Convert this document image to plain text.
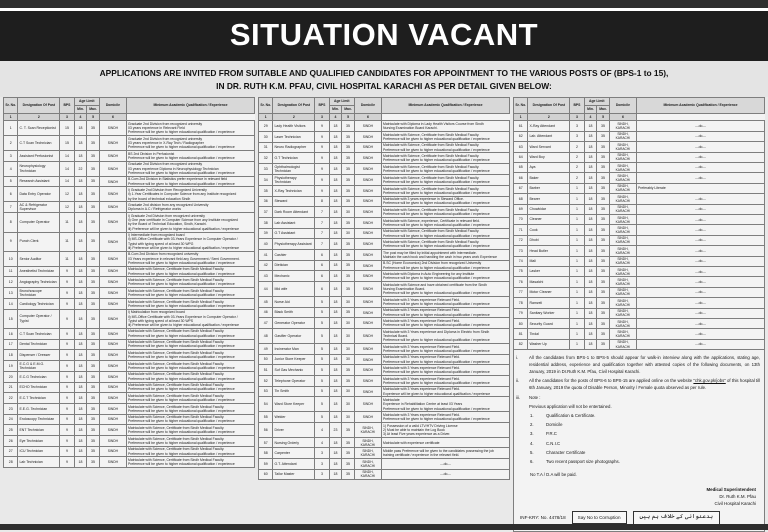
SITUATION VACANT
APPLICATIONS ARE INVITED FROM SUITABLE AND QUALIFIED CANDIDATES FOR APPOINTMENT TO THE VARIOUS POSTS OF (BPS-1 to 15),
IN DR. RUTH K.M. PFAU, CIVIL HOSPITAL KARACHI AS PER DETAIL GIVEN BELOW:
Sr. No.	Designation Of Post	BPS	Age Limit		Domicile	Minimum Academic Qualification / Experience
			Min.	Max.		
1	2	3	4	5	6	
1	C. T. Scan Receptionist	15	18	35	SINDH	Graduate 2nd Division from recognized university
03 years experience in Relevant Field
Preference will be given to higher educational qualification / experience

2	C.T Scan Technician	15	18	35	SINDH	Graduate 2nd Division from recognized university
03 years experience in X-Ray Tech / Radiographer
Preference will be given to higher educational qualification / experience

3	Assistant Perfusionist	14	18	35	SINDH	BS 2nd Division in Perfusionist
Preference will be given to higher educational qualification / experience

4	Neurophysiology Technician	14	22	35	SINDH	Graduate 2nd Division from recognized university
03 years experience Diploma in Neurophysiology Technician
Preference will be given to higher educational qualification / experience

5	Research Assistant	14	18	35	SINDH	B.Com 2nd Division in Statistics prefer experience in relevant field
Preference will be given to higher educational qualification / experience

6	Data Entry Operator	12	18	35	SINDH	i) Graduate 2nd Division from Recognized University
ii) 1-Year Certificates in Computer Science from any Institute recognized
by the board of technical education Sindh

7	AC & Refrigerator Supervisor	12	18	35	SINDH	Graduate 2nd division from any recognized University
Diploma in A.C / Refrigerator works

8	Computer Operator	11	18	35	SINDH	i) Graduate 2nd Division from recognized university
ii) One year certificate in Computer Science from any Institute recognized
by the Board of Technical Education, Sindh, Karachi.
iii) Preference will be given to higher educational qualification / experience

9	Punch Clerk	11	18	35	SINDH	i) Intermediate from recognized board
ii) MS-Office Certificate with 03-Years Experience in Computer Operator /
Typist with typing speed of at least 30 WPG
iii) Preference will be given to higher educational qualification / experience

10	Senior Auditor	11	18	35	SINDH	B.Com 2nd Division from recognized university
03 Years experience in relevant field any Government / Semi Government.
Preference will be given to higher educational qualification / experience

11	Anesthetist Technician	9	18	35	SINDH	Matriculate with Science, Certificate from Sindh Medical Faculty.
Preference will be given to higher educational qualification / experience

12	Angiography Technician	9	18	35	SINDH	Matriculate with Science, Certificate from Sindh Medical Faculty.
Preference will be given to higher educational qualification / experience

13	Bronchoscope Technician	9	18	35	SINDH	Matriculate with Science, Certificate from Sindh Medical Faculty.
Preference will be given to higher educational qualification / experience

14	Cardiology Technician	9	18	35	SINDH	Matriculate with Science, Certificate from Sindh Medical Faculty.
Preference will be given to higher educational qualification / experience

15	Computer Operator / Typist	9	18	35	SINDH	i) Matriculation from recognized board
ii) MS-Office Certificate with 03-Years Experience in Computer Operator /
Typist with typing speed of at least 30 WPS
iii) Preference will be given to higher educational qualification / experience

16	C.T Scan Technician	9	18	35	SINDH	Matriculate with Science, Certificate from Sindh Medical Faculty.
Preference will be given to higher educational qualification / experience

17	Dental Technician	9	18	35	SINDH	Matriculate with Science, Certificate from Sindh Medical Faculty.
Preference will be given to higher educational qualification / experience

18	Dispenser / Dresser	9	18	35	SINDH	Matriculate with Science, Certificate from Sindh Medical Faculty.
Preference will be given to higher educational qualification / experience

19	E.C.G & E.M.G. Technician	9	18	35	SINDH	Matriculate with Science, Certificate from Sindh Medical Faculty.
Preference will be given to higher educational qualification / experience

20	E.C.G Technician	9	18	35	SINDH	Matriculate with Science, Certificate from Sindh Medical Faculty.
Preference will be given to higher educational qualification / experience

21	ECHO Technician	9	18	35	SINDH	Matriculate with Science, Certificate from Sindh Medical Faculty.
Preference will be given to higher educational qualification / experience

22	E.C.T Technician	9	18	35	SINDH	Matriculate with Science, Certificate from Sindh Medical Faculty.
Preference will be given to higher educational qualification / experience

23	E.E.G. Technician	9	18	35	SINDH	Matriculate with Science, Certificate from Sindh Medical Faculty.
Preference will be given to higher educational qualification / experience

24	Endoscopy Technician	9	18	35	SINDH	Matriculate with Science, Certificate from Sindh Medical Faculty.
Preference will be given to higher educational qualification / experience

25	ENT Technician	9	18	35	SINDH	Matriculate with Science, Certificate from Sindh Medical Faculty.
Preference will be given to higher educational qualification / experience

26	Eye Technician	9	18	35	SINDH	Matriculate with Science, Certificate from Sindh Medical Faculty.
Preference will be given to higher educational qualification / experience

27	ICU Technician	9	18	35	SINDH	Matriculate with Science, Certificate from Sindh Medical Faculty.
Preference will be given to higher educational qualification / experience

28	Lab Technician	9	18	35	SINDH	Matriculate with Science, Certificate from Sindh Medical Faculty.
Preference will be given to higher educational qualification / experience
Sr. No.	Designation Of Post	BPS	Age Limit		Domicile	Minimum Academic Qualification / Experience
			Min.	Max.		
1	2	3	4	5	6	
29	Lady Health Visitors	9	18	35	SINDH	Matriculate with Diploma in Lady Health Visitors Course from Sindh
Nursing Examination Board Karachi.

30	Laser Technician	9	18	35	SINDH	Matriculate with Science, Certificate from Sindh Medical Faculty.
Preference will be given to higher educational qualification / experience

31	Neuro Radiographer	9	18	35	SINDH	Matriculate with Science, Certificate from Sindh Medical Faculty.
Preference will be given to higher educational qualification / experience

32	O.T Technician	9	18	35	SINDH	Matriculate with Science, Certificate from Sindh Medical Faculty.
Preference will be given to higher educational qualification / experience

33	Ophthalmologist Technician	9	18	35	SINDH	Matriculate with Science, Certificate from Sindh Medical Faculty.
Preference will be given to higher educational qualification / experience

34	Physiotherapy Technician	9	18	35	SINDH	Matriculate with Science, Certificate from Sindh Medical Faculty.
Preference will be given to higher educational qualification / experience

35	X-Ray Technician	9	18	35	SINDH	Matriculate with Science, Certificate from Sindh Medical Faculty.
Preference will be given to higher educational qualification / experience

36	Steward	8	18	35	SINDH	Matriculate with 3 years experience in Steward Office.
Preference will be given to higher educational qualification / experience

37	Dark Room Attendant	7	18	30	SINDH	Matriculate with Science, Certificate from Sindh Medical Faculty.
Preference will be given to higher educational qualification / experience

38	Lab Assistant	7	18	35	SINDH	Matriculate with Science, experience, Certificate in relevant field.
Preference will be given to higher educational qualification / experience

39	O.T Assistant	7	18	30	SINDH	Matriculate with Science, Certificate from Sindh Medical Faculty.
Preference will be given to higher educational qualification / experience

40	Physiotherapy Assistant	7	18	35	SINDH	Matriculate with Science, Certificate from Sindh Medical Faculty.
Preference will be given to higher educational qualification / experience

41	Cashier	6	18	35	SINDH	The post may be filled by initial appointment with Intermediate.
Maintain the cash book and handling the cash in two years work Experience

42	Dietician	6	18	35	SINDH	B.SC (Home Economics) 2nd Division from recognized University
Preference will be given to higher educational qualification / experience

43	Mechanic	6	18	35	SINDH	Matriculate with Diploma in Auto Engineering for any institute
Preference will be given to higher educational qualification / experience

44	Mid wife	6	18	35	SINDH	Matriculate with Science and have obtained certificate from the Sindh
Nursing Examination Board.
Preference will be given to higher educational qualification / experience

45	Nurse Aid	5	18	30	SINDH	Matriculate with 3 Years experience Relevant Field.
Preference will be given to higher educational qualification / experience

46	Black Smith	5	18	35	SINDH	Matriculate with 3 Years experience Relevant Field.
Preference will be given to higher educational qualification / experience

47	Generator Operator	5	18	30	SINDH	Matriculate with 3 Years experience Relevant Field.
Preference will be given to higher educational qualification / experience

48	Gasifier Operator	5	18	30	SINDH	Matriculate with 3 Years experience and Diploma in Electric from Sindh
Technical Board.
Preference will be given to higher educational qualification / experience

49	Incinerator Man	5	18	30	SINDH	Matriculate with 3 Years experience Relevant Field.
Preference will be given to higher educational qualification / experience

50	Junior Store Keeper	5	18	30	SINDH	Matriculate with 3 Years experience Relevant Field.
Preference will be given to higher educational qualification / experience

51	Suf Gas Mechanic	5	18	35	SINDH	Matriculate with 3 Years experience Relevant Field.
Preference will be given to higher educational qualification / experience

52	Telephone Operator	5	18	35	SINDH	Matriculate with 3 Years experience Relevant Field.
Preference will be given to higher educational qualification / experience

53	Tin Smith	5	18	30	SINDH	Matriculate with 3 Years experience Relevant Field.
Experience will be given to higher educational qualification / experience

54	Ward Store Keeper	5	18	30	SINDH	Matriculate
Experience in Rehabilitation Centre at least 03 Years
Preference will be given to higher educational qualification / experience

55	Welder	5	18	30	SINDH	Matriculate with 3 Years experience Relevant Field.
Preference will be given to higher educational qualification / experience

56	Driver	4	23	35	SINDH, KARACHI	1) Possession of a valid LTV/HTV Driving License
2) Must be able to maintain the Log Book
3) At least Five years experience as a Driver.

57	Nursing Orderly	4	18	35	SINDH, KARACHI	Matriculate with experience certificate

58	Carpenter	3	18	35	SINDH, KARACHI	Middle pass Preference will be given to the candidates possessing the job
training certificate / experience in the relevant field.

59	O.T. Attendant	3	18	35	SINDH, KARACHI	---do---

60	Tailor Master	3	18	35	SINDH, KARACHI	---do---
Sr. No.	Designation Of Post	BPS	Age Limit		Domicile	Minimum Academic Qualification / Experience
			Min.	Max.		
1	2	3	4	5	6	
61	X-Ray Attendant	3	18	35	SINDH, KARACHI	---do---

62	Lab. Attendant	3	18	35	SINDH, KARACHI	---do---

63	Ward Servant	2	18	35	SINDH, KARACHI	---do---

64	Ward Boy	2	18	35	SINDH, KARACHI	---do---

65	Aya	2	18	35	SINDH, KARACHI	---do---

66	Baker	2	18	35	SINDH, KARACHI	---do---

67	Barber	1	18	35	SINDH, KARACHI	Preferably Literate

68	Bearer	1	18	35	SINDH, KARACHI	---do---

69	Chowkidar	1	18	35	SINDH, KARACHI	---do---

70	Cleaner	1	18	35	SINDH, KARACHI	---do---

71	Cook	1	18	35	SINDH, KARACHI	---do---

72	Dhobi	1	18	35	SINDH, KARACHI	---do---

73	Head Butler	1	18	35	SINDH, KARACHI	---do---

74	Mali	1	18	35	SINDH, KARACHI	---do---

75	Lasker	1	18	35	SINDH, KARACHI	---do---

76	Masalchi	1	18	35	SINDH, KARACHI	---do---

77	Motor Cleaner	1	18	35	SINDH, KARACHI	---do---

78	Ramzeli	1	18	35	SINDH, KARACHI	---do---

79	Sanitary Worker	1	18	35	SINDH, KARACHI	---do---

80	Security Guard	1	18	35	SINDH, KARACHI	---do---

81	Tindal	1	18	35	SINDH, KARACHI	---do---

82	Washer Up	1	18	35	SINDH, KARACHI	---do---
i.	All the candidates from BPS-1 to BPS-5 should appear for walk-in interview along with the applications, stating age, residential address, experience and qualification together with attested copies of the following documents, on 13th January, 2019 in Dr.Ruth K.M. Pfau, Civil Hospital Karachi.
ii.	All the candidates for the posts of BPS-6 to BPS-15 are applied online on the website "chk.gov.pk/jobs" of this hospital till 6th January, 2019 the quota of Disable Person, Minority / Female quota observed as per rule.
iii.	Note :
Previous application will not be entertained.
1.	Qualification & Certificate.
2.	Domicile
3.	P.R.C
4.	C.N.I.C
5.	Character Certificate
6.	Two recent passport size photographs.
No T.A / D.A will be paid.
Medical Superintendent
Dr. Ruth K.M. Pfau
Civil Hospital Karachi
INF-KRY: No. 4478/18	Say No to Corruption	بدعنوانی کے خلاف ہم ہیں
